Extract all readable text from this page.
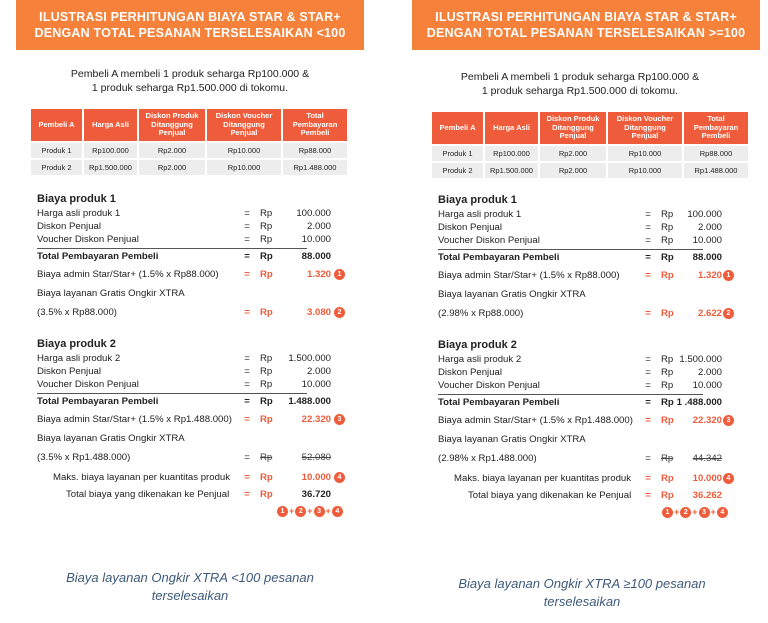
ILUSTRASI PERHITUNGAN BIAYA STAR & STAR+
DENGAN TOTAL PESANAN TERSELESAIKAN <100
Pembeli A membeli 1 produk seharga Rp100.000 &
1 produk seharga Rp1.500.000 di tokomu.
Pembeli A	Harga Asli	Diskon Produk Ditanggung Penjual	Diskon Voucher Ditanggung Penjual	Total Pembayaran Pembeli
Produk 1	Rp100.000	Rp2.000	Rp10.000	Rp88.000
Produk 2	Rp1.500.000	Rp2.000	Rp10.000	Rp1.488.000
Biaya produk 1
Harga asli produk 1	= Rp	100.000
Diskon Penjual	= Rp	2.000
Voucher Diskon Penjual	= Rp	10.000
Total Pembayaran Pembeli	= Rp	88.000
Biaya admin Star/Star+ (1.5% x Rp88.000)	= Rp	1.320 1
Biaya layanan Gratis Ongkir XTRA
(3.5% x Rp88.000)	= Rp	3.080 2
Biaya produk 2
Harga asli produk 2	= Rp	1.500.000
Diskon Penjual	= Rp	2.000
Voucher Diskon Penjual	= Rp	10.000
Total Pembayaran Pembeli	= Rp	1.488.000
Biaya admin Star/Star+ (1.5% x Rp1.488.000) = Rp	22.320 3
Biaya layanan Gratis Ongkir XTRA
(3.5% x Rp1.488.000)	= Rp	52.080
Maks. biaya layanan per kuantitas produk = Rp	10.000 4
Total biaya yang dikenakan ke Penjual = Rp	36.720
1 + 2 + 3 + 4
Biaya layanan Ongkir XTRA <100 pesanan
terselesaikan
ILUSTRASI PERHITUNGAN BIAYA STAR & STAR+
DENGAN TOTAL PESANAN TERSELESAIKAN >=100
Pembeli A membeli 1 produk seharga Rp100.000 &
1 produk seharga Rp1.500.000 di tokomu.
Pembeli A	Harga Asli	Diskon Produk Ditanggung Penjual	Diskon Voucher Ditanggung Penjual	Total Pembayaran Pembeli
Produk 1	Rp100.000	Rp2.000	Rp10.000	Rp88.000
Produk 2	Rp1.500.000	Rp2.000	Rp10.000	Rp1.488.000
Biaya produk 1
Harga asli produk 1	= Rp	100.000
Diskon Penjual	= Rp	2.000
Voucher Diskon Penjual	= Rp	10.000
Total Pembayaran Pembeli	= Rp	88.000
Biaya admin Star/Star+ (1.5% x Rp88.000)	= Rp	1.320 1
Biaya layanan Gratis Ongkir XTRA
(2.98% x Rp88.000)	= Rp	2.622 2
Biaya produk 2
Harga asli produk 2	= Rp 1.500.000
Diskon Penjual	= Rp	2.000
Voucher Diskon Penjual	= Rp	10.000
Total Pembayaran Pembeli	= Rp 1 .488.000
Biaya admin Star/Star+ (1.5% x Rp1.488.000) = Rp	22.320 3
Biaya layanan Gratis Ongkir XTRA
(2.98% x Rp1.488.000)	= Rp	44.342
Maks. biaya layanan per kuantitas produk = Rp	10.000 4
Total biaya yang dikenakan ke Penjual = Rp	36.262
1 + 2 + 3 + 4
Biaya layanan Ongkir XTRA ≥100 pesanan
terselesaikan
